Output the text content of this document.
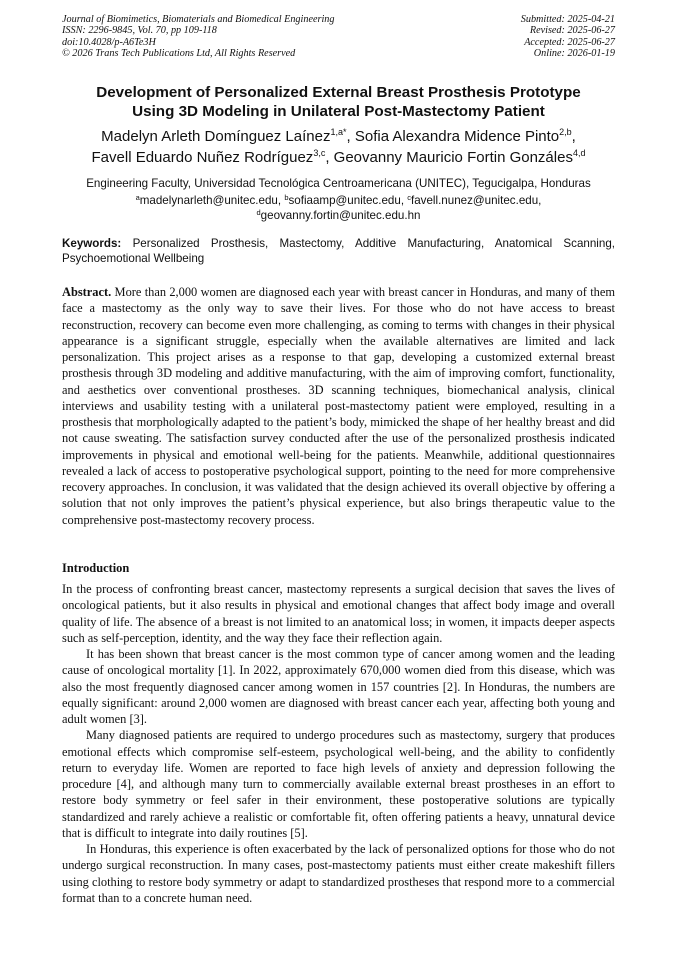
Journal of Biomimetics, Biomaterials and Biomedical Engineering
ISSN: 2296-9845, Vol. 70, pp 109-118
doi:10.4028/p-A6Te3H
© 2026 Trans Tech Publications Ltd, All Rights Reserved
Submitted: 2025-04-21
Revised: 2025-06-27
Accepted: 2025-06-27
Online: 2026-01-19
Development of Personalized External Breast Prosthesis Prototype
Using 3D Modeling in Unilateral Post-Mastectomy Patient
Madelyn Arleth Domínguez Laínez$^{1,a*}$, Sofia Alexandra Midence Pinto$^{2,b}$,
Favell Eduardo Nuñez Rodríguez$^{3,c}$, Geovanny Mauricio Fortin Gonzáles$^{4,d}$
Engineering Faculty, Universidad Tecnológica Centroamericana (UNITEC), Tegucigalpa, Honduras
$^a$madelynarleth@unitec.edu, $^b$sofiaamp@unitec.edu, $^c$favell.nunez@unitec.edu,
$^d$geovanny.fortin@unitec.edu.hn
Keywords: Personalized Prosthesis, Mastectomy, Additive Manufacturing, Anatomical Scanning, Psychoemotional Wellbeing
Abstract. More than 2,000 women are diagnosed each year with breast cancer in Honduras, and many of them face a mastectomy as the only way to save their lives. For those who do not have access to breast reconstruction, recovery can become even more challenging, as coming to terms with changes in their physical appearance is a significant struggle, especially when the available alternatives are limited and lack personalization. This project arises as a response to that gap, developing a customized external breast prosthesis through 3D modeling and additive manufacturing, with the aim of improving comfort, functionality, and aesthetics over conventional prostheses. 3D scanning techniques, biomechanical analysis, clinical interviews and usability testing with a unilateral post-mastectomy patient were employed, resulting in a prosthesis that morphologically adapted to the patient’s body, mimicked the shape of her healthy breast and did not cause sweating. The satisfaction survey conducted after the use of the personalized prosthesis indicated improvements in physical and emotional well-being for the patients. Meanwhile, additional questionnaires revealed a lack of access to postoperative psychological support, pointing to the need for more comprehensive recovery approaches. In conclusion, it was validated that the design achieved its overall objective by offering a solution that not only improves the patient’s physical experience, but also brings therapeutic value to the comprehensive post-mastectomy recovery process.
Introduction

In the process of confronting breast cancer, mastectomy represents a surgical decision that saves the lives of oncological patients, but it also results in physical and emotional changes that affect body image and overall quality of life. The absence of a breast is not limited to an anatomical loss; in women, it impacts deeper aspects such as self-perception, identity, and the way they face their reflection again.

It has been shown that breast cancer is the most common type of cancer among women and the leading cause of oncological mortality [1]. In 2022, approximately 670,000 women died from this disease, which was also the most frequently diagnosed cancer among women in 157 countries [2]. In Honduras, the numbers are equally significant: around 2,000 women are diagnosed with breast cancer each year, affecting both young and adult women [3].

Many diagnosed patients are required to undergo procedures such as mastectomy, surgery that produces emotional effects which compromise self-esteem, psychological well-being, and the ability to confidently return to everyday life. Women are reported to face high levels of anxiety and depression following the procedure [4], and although many turn to commercially available external breast prostheses in an effort to restore body symmetry or feel safer in their environment, these postoperative solutions are typically standardized and rarely achieve a realistic or comfortable fit, often offering patients a heavy, unnatural device that is difficult to integrate into daily routines [5].

In Honduras, this experience is often exacerbated by the lack of personalized options for those who do not undergo surgical reconstruction. In many cases, post-mastectomy patients must either create makeshift fillers using clothing to restore body symmetry or adapt to standardized prostheses that respond more to a commercial format than to a concrete human need.
